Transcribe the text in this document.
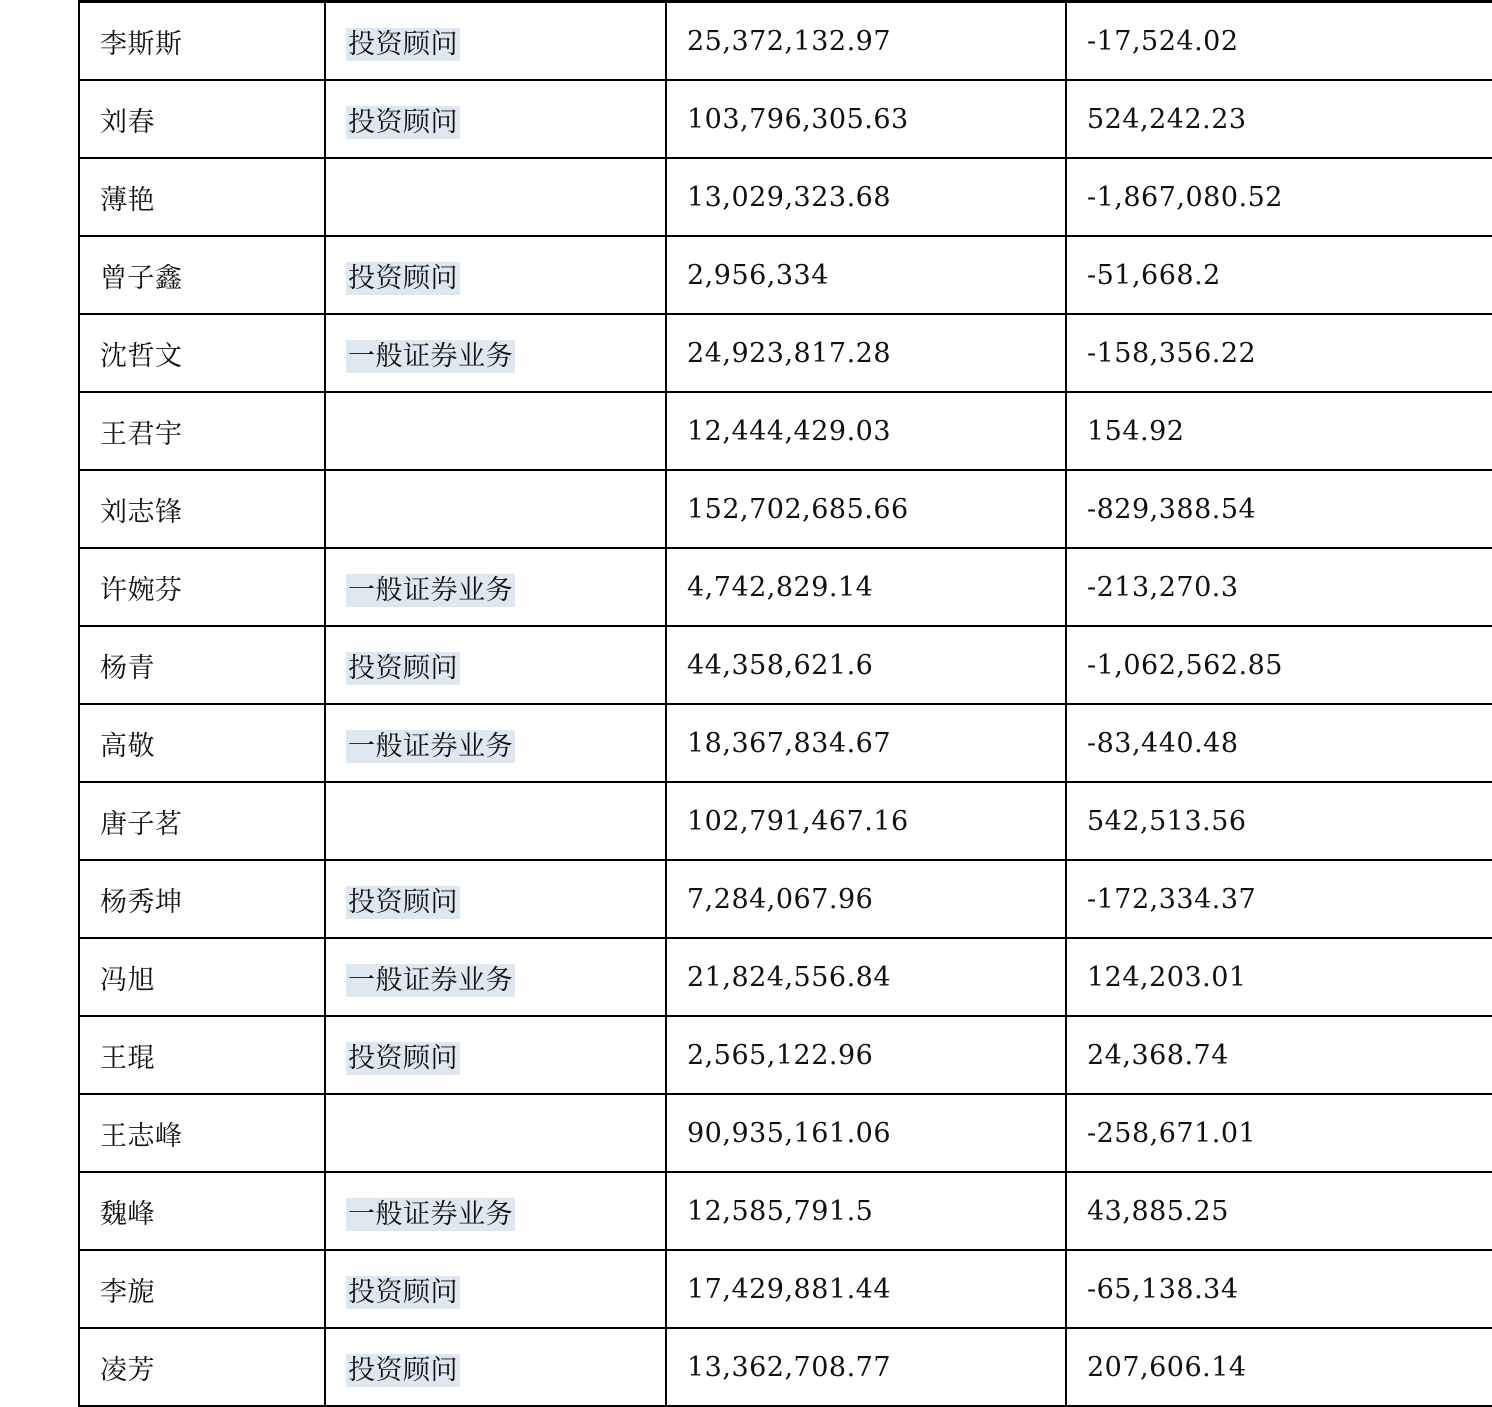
李斯斯	投资顾问	25,372,132.97	-17,524.02
刘春	投资顾问	103,796,305.63	524,242.23
薄艳		13,029,323.68	-1,867,080.52
曾子鑫	投资顾问	2,956,334	-51,668.2
沈哲文	一般证券业务	24,923,817.28	-158,356.22
王君宇		12,444,429.03	154.92
刘志锋		152,702,685.66	-829,388.54
许婉芬	一般证券业务	4,742,829.14	-213,270.3
杨青	投资顾问	44,358,621.6	-1,062,562.85
高敬	一般证券业务	18,367,834.67	-83,440.48
唐子茗		102,791,467.16	542,513.56
杨秀坤	投资顾问	7,284,067.96	-172,334.37
冯旭	一般证券业务	21,824,556.84	124,203.01
王琨	投资顾问	2,565,122.96	24,368.74
王志峰		90,935,161.06	-258,671.01
魏峰	一般证券业务	12,585,791.5	43,885.25
李旎	投资顾问	17,429,881.44	-65,138.34
凌芳	投资顾问	13,362,708.77	207,606.14
